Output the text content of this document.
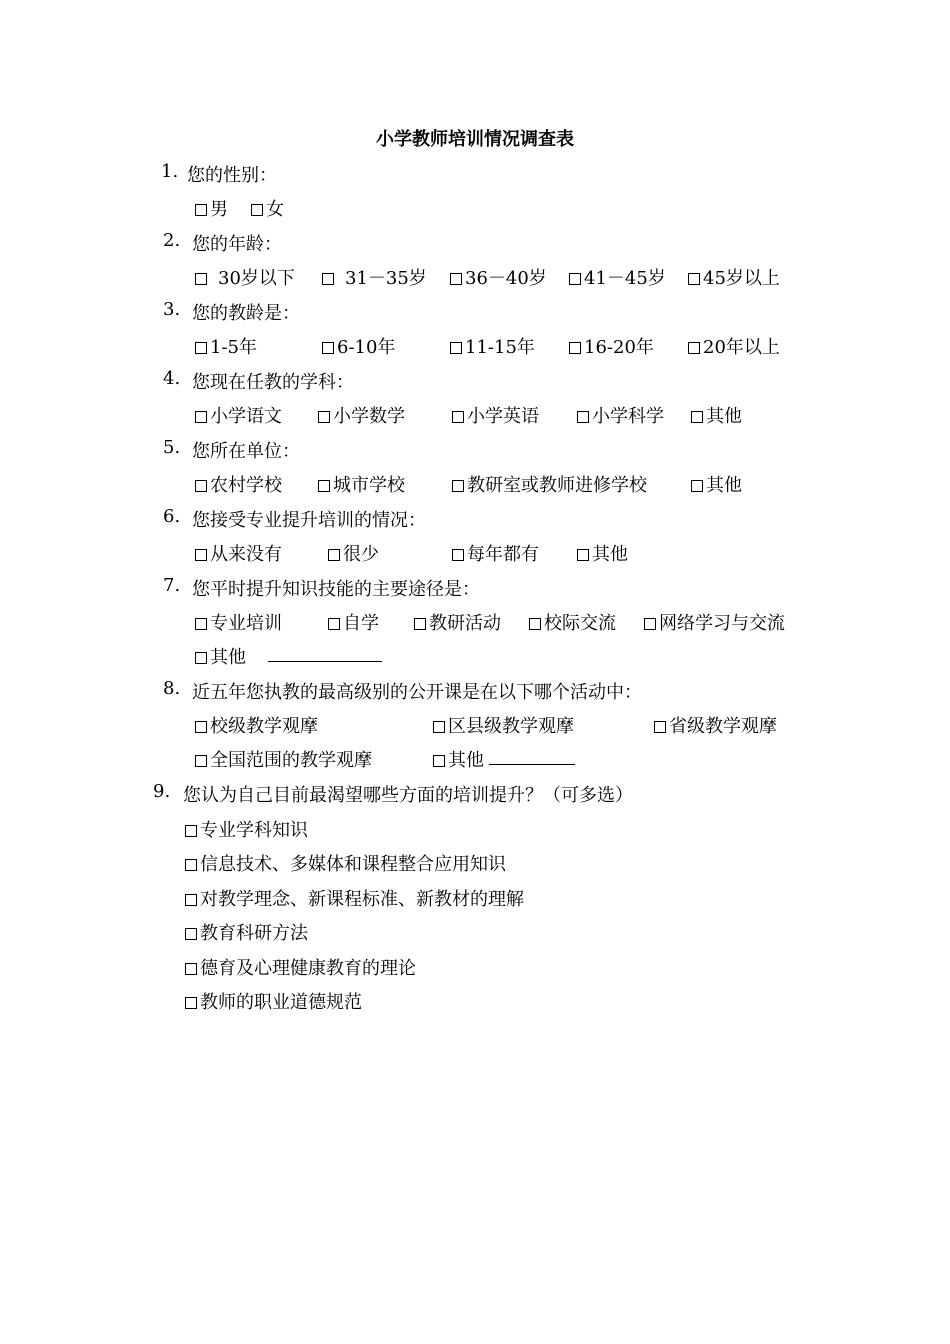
小学教师培训情况调查表
1. 您的性别：
男	女
2. 您的年龄：
30岁以下	31－35岁	36－40岁	41－45岁	45岁以上
3. 您的教龄是：
1-5年	6-10年	11-15年	16-20年	20年以上
4. 您现在任教的学科：
小学语文	小学数学	小学英语	小学科学	其他
5. 您所在单位：
农村学校	城市学校	教研室或教师进修学校	其他
6. 您接受专业提升培训的情况：
从来没有	很少	每年都有	其他
7. 您平时提升知识技能的主要途径是：
专业培训	自学	教研活动	校际交流	网络学习与交流
其他
8. 近五年您执教的最高级别的公开课是在以下哪个活动中：
校级教学观摩	区县级教学观摩	省级教学观摩
全国范围的教学观摩	其他
9. 您认为自己目前最渴望哪些方面的培训提升？（可多选）
专业学科知识
信息技术、多媒体和课程整合应用知识
对教学理念、新课程标准、新教材的理解
教育科研方法
德育及心理健康教育的理论
教师的职业道德规范
